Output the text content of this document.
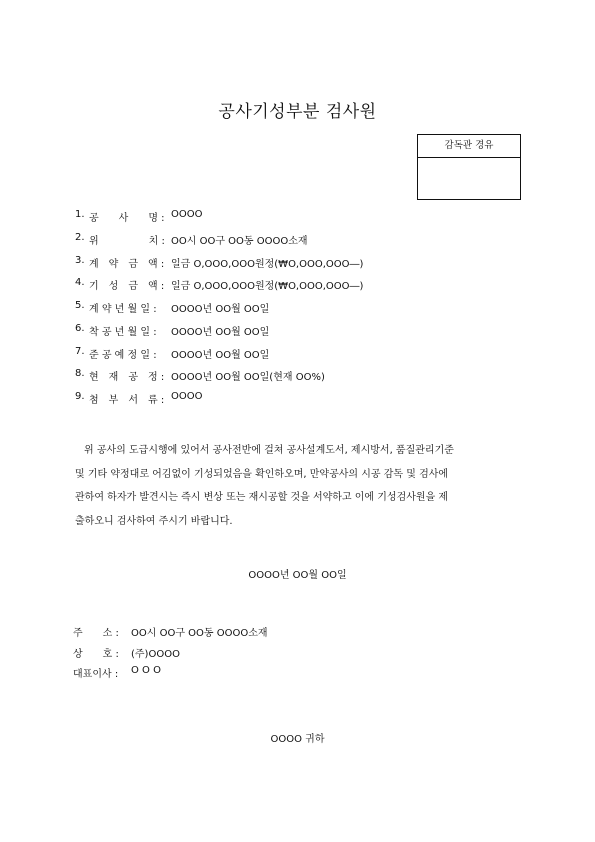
공사기성부분 검사원
감독관 경유
1. 공　　사　　명 : OOOO
2. 위　　　　　치 : OO시 OO구 OO동 OOOO소재
3. 계　약　금　액 : 일금 O,OOO,OOO원정(₩O,OOO,OOO―)
4. 기　성　금　액 : 일금 O,OOO,OOO원정(₩O,OOO,OOO―)
5. 계 약 년 월 일 :	OOOO년 OO월 OO일
6. 착 공 년 월 일 :	OOOO년 OO월 OO일
7. 준 공 예 정 일 :	OOOO년 OO월 OO일
8. 현　재　공　정 : OOOO년 OO월 OO일(현재 OO%)
9. 첨　부　서　류 : OOOO

위 공사의 도급시행에 있어서 공사전반에 걸쳐 공사설계도서, 제시방서, 품질관리기준

및 기타 약정대로 어김없이 기성되었음을 확인하오며, 만약공사의 시공 감독 및 검사에

관하여 하자가 발견시는 즉시 변상 또는 재시공할 것을 서약하고 이에 기성검사원을 제

출하오니 검사하여 주시기 바랍니다.

OOOO년 OO월 OO일
주　　소 :	OO시 OO구 OO동 OOOO소재
상　　호 :	(주)OOOO
대표이사 :	O O O
OOOO 귀하
